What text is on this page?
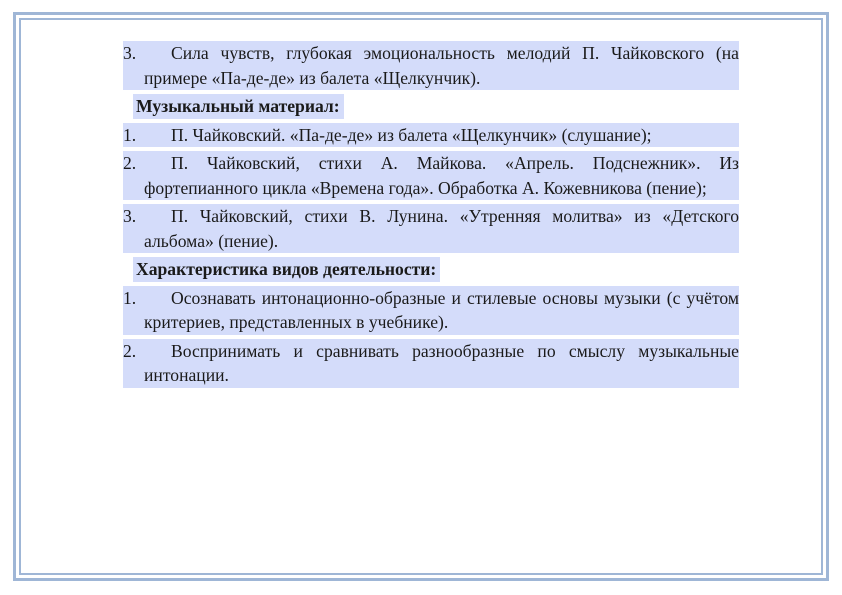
3. Сила чувств, глубокая эмоциональность мелодий П. Чайковского (на примере «Па-де-де» из балета «Щелкунчик).
Музыкальный материал:
1. П. Чайковский. «Па-де-де» из балета «Щелкунчик» (слушание);
2. П. Чайковский, стихи А. Майкова. «Апрель. Подснежник». Из фортепианного цикла «Времена года». Обработка А. Кожевникова (пение);
3. П. Чайковский, стихи В. Лунина. «Утренняя молитва» из «Детского альбома» (пение).
Характеристика видов деятельности:
1. Осознавать интонационно-образные и стилевые основы музыки (с учётом критериев, представленных в учебнике).
2. Воспринимать и сравнивать разнообразные по смыслу музыкальные интонации.
